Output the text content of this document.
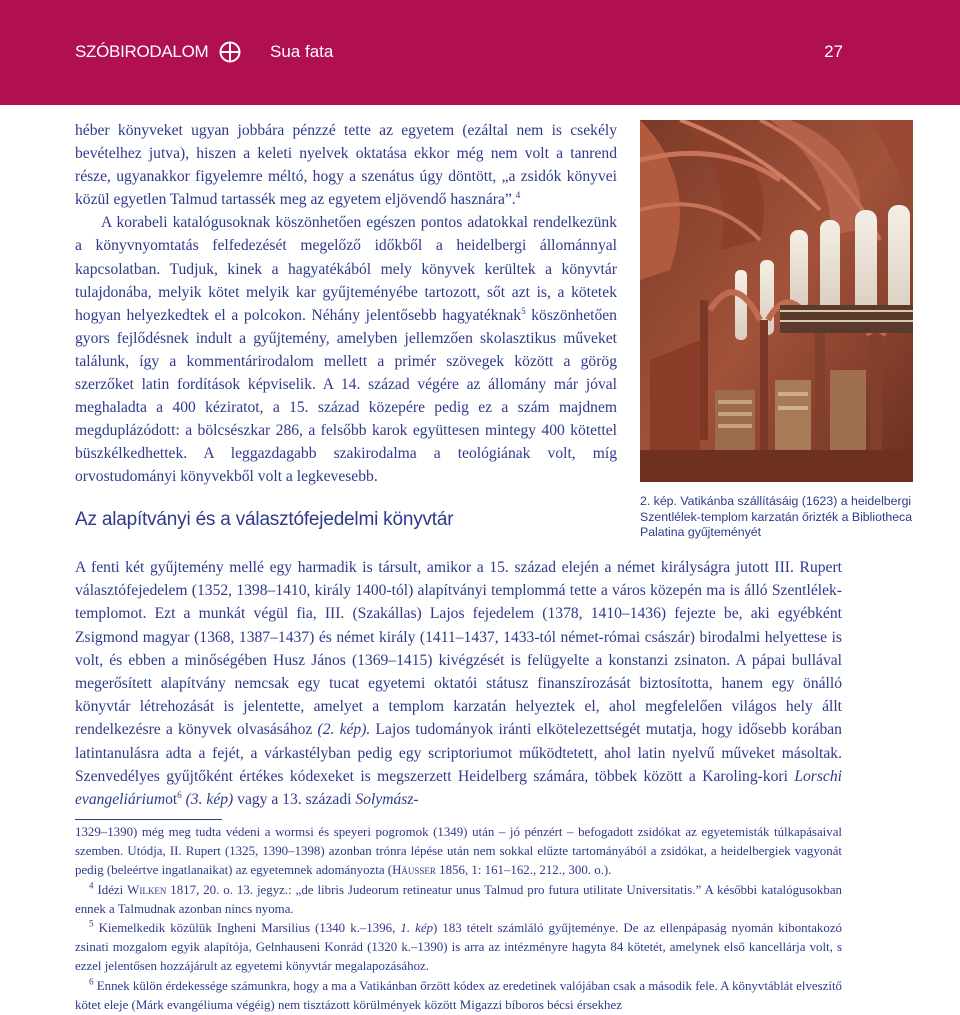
SZÓBIRODALOM	Sua fata	27

héber könyveket ugyan jobbára pénzzé tette az egyetem (ezáltal nem is csekély bevételhez jutva), hiszen a keleti nyelvek oktatása ekkor még nem volt a tanrend része, ugyanakkor figyelemre méltó, hogy a szenátus úgy döntött, „a zsidók könyvei közül egyetlen Talmud tartassék meg az egyetem eljövendő hasznára”.$^4$

A korabeli katalógusoknak köszönhetően egészen pontos adatokkal rendelkezünk a könyvnyomtatás felfedezését megelőző időkből a heidelbergi állománnyal kapcsolatban. Tudjuk, kinek a hagyatékából mely könyvek kerültek a könyvtár tulajdonába, melyik kötet melyik kar gyűjteményébe tartozott, sőt azt is, a kötetek hogyan helyezkedtek el a polcokon. Néhány jelentősebb hagyatéknak$^5$ köszönhetően gyors fejlődésnek indult a gyűjtemény, amelyben jellemzően skolasztikus műveket találunk, így a kommentárirodalom mellett a primér szövegek között a görög szerzőket latin fordítások képviselik. A 14. század végére az állomány már jóval meghaladta a 400 kéziratot, a 15. század közepére pedig ez a szám majdnem megduplázódott: a bölcsészkar 286, a felsőbb karok együttesen mintegy 400 kötettel büszkélkedhettek. A leggazdagabb szakirodalma a teológiának volt, míg orvostudományi könyvekből volt a legkevesebb.

2. kép. Vatikánba szállításáig (1623) a heidelbergi Szentlélek-templom karzatán őrizték a Bibliotheca Palatina gyűjteményét
Az alapítványi és a választófejedelmi könyvtár

A fenti két gyűjtemény mellé egy harmadik is társult, amikor a 15. század elején a német királyságra jutott III. Rupert választófejedelem (1352, 1398–1410, király 1400-tól) alapítványi templommá tette a város közepén ma is álló Szentlélek-templomot. Ezt a munkát végül fia, III. (Szakállas) Lajos fejedelem (1378, 1410–1436) fejezte be, aki egyébként Zsigmond magyar (1368, 1387–1437) és német király (1411–1437, 1433-tól német-római császár) birodalmi helyettese is volt, és ebben a minőségében Husz János (1369–1415) kivégzését is felügyelte a konstanzi zsinaton. A pápai bullával megerősített alapítvány nemcsak egy tucat egyetemi oktatói státusz finanszírozását biztosította, hanem egy önálló könyvtár létrehozását is jelentette, amelyet a templom karzatán helyeztek el, ahol megfelelően világos hely állt rendelkezésre a könyvek olvasásához (2. kép). Lajos tudományok iránti elkötelezettségét mutatja, hogy idősebb korában latintanulásra adta a fejét, a várkastélyban pedig egy scriptoriumot működtetett, ahol latin nyelvű műveket másoltak. Szenvedélyes gyűjtőként értékes kódexeket is megszerzett Heidelberg számára, többek között a Karoling-kori Lorschi evangeliáriumot$^6$ (3. kép) vagy a 13. századi Solymász-

1329–1390) még meg tudta védeni a wormsi és speyeri pogromok (1349) után – jó pénzért – befogadott zsidókat az egyetemisták túlkapásaival szemben. Utódja, II. Rupert (1325, 1390–1398) azonban trónra lépése után nem sokkal elűzte tartományából a zsidókat, a heidelbergiek vagyonát pedig (beleértve ingatlanaikat) az egyetemnek adományozta (Häusser 1856, 1: 161–162., 212., 300. o.).

$^4$ Idézi Wilken 1817, 20. o. 13. jegyz.: „de libris Judeorum retineatur unus Talmud pro futura utilitate Universitatis.” A későbbi katalógusokban ennek a Talmudnak azonban nincs nyoma.

$^5$ Kiemelkedik közülük Ingheni Marsilius (1340 k.–1396, 1. kép) 183 tételt számláló gyűjteménye. De az ellenpápaság nyomán kibontakozó zsinati mozgalom egyik alapítója, Gelnhauseni Konrád (1320 k.–1390) is arra az intézményre hagyta 84 kötetét, amelynek első kancellárja volt, s ezzel jelentősen hozzájárult az egyetemi könyvtár megalapozásához.

$^6$ Ennek külön érdekessége számunkra, hogy a ma a Vatikánban őrzött kódex az eredetinek valójában csak a második fele. A könyvtáblát elveszítő kötet eleje (Márk evangéliuma végéig) nem tisztázott körülmények között Migazzi bíboros bécsi érsekhez
